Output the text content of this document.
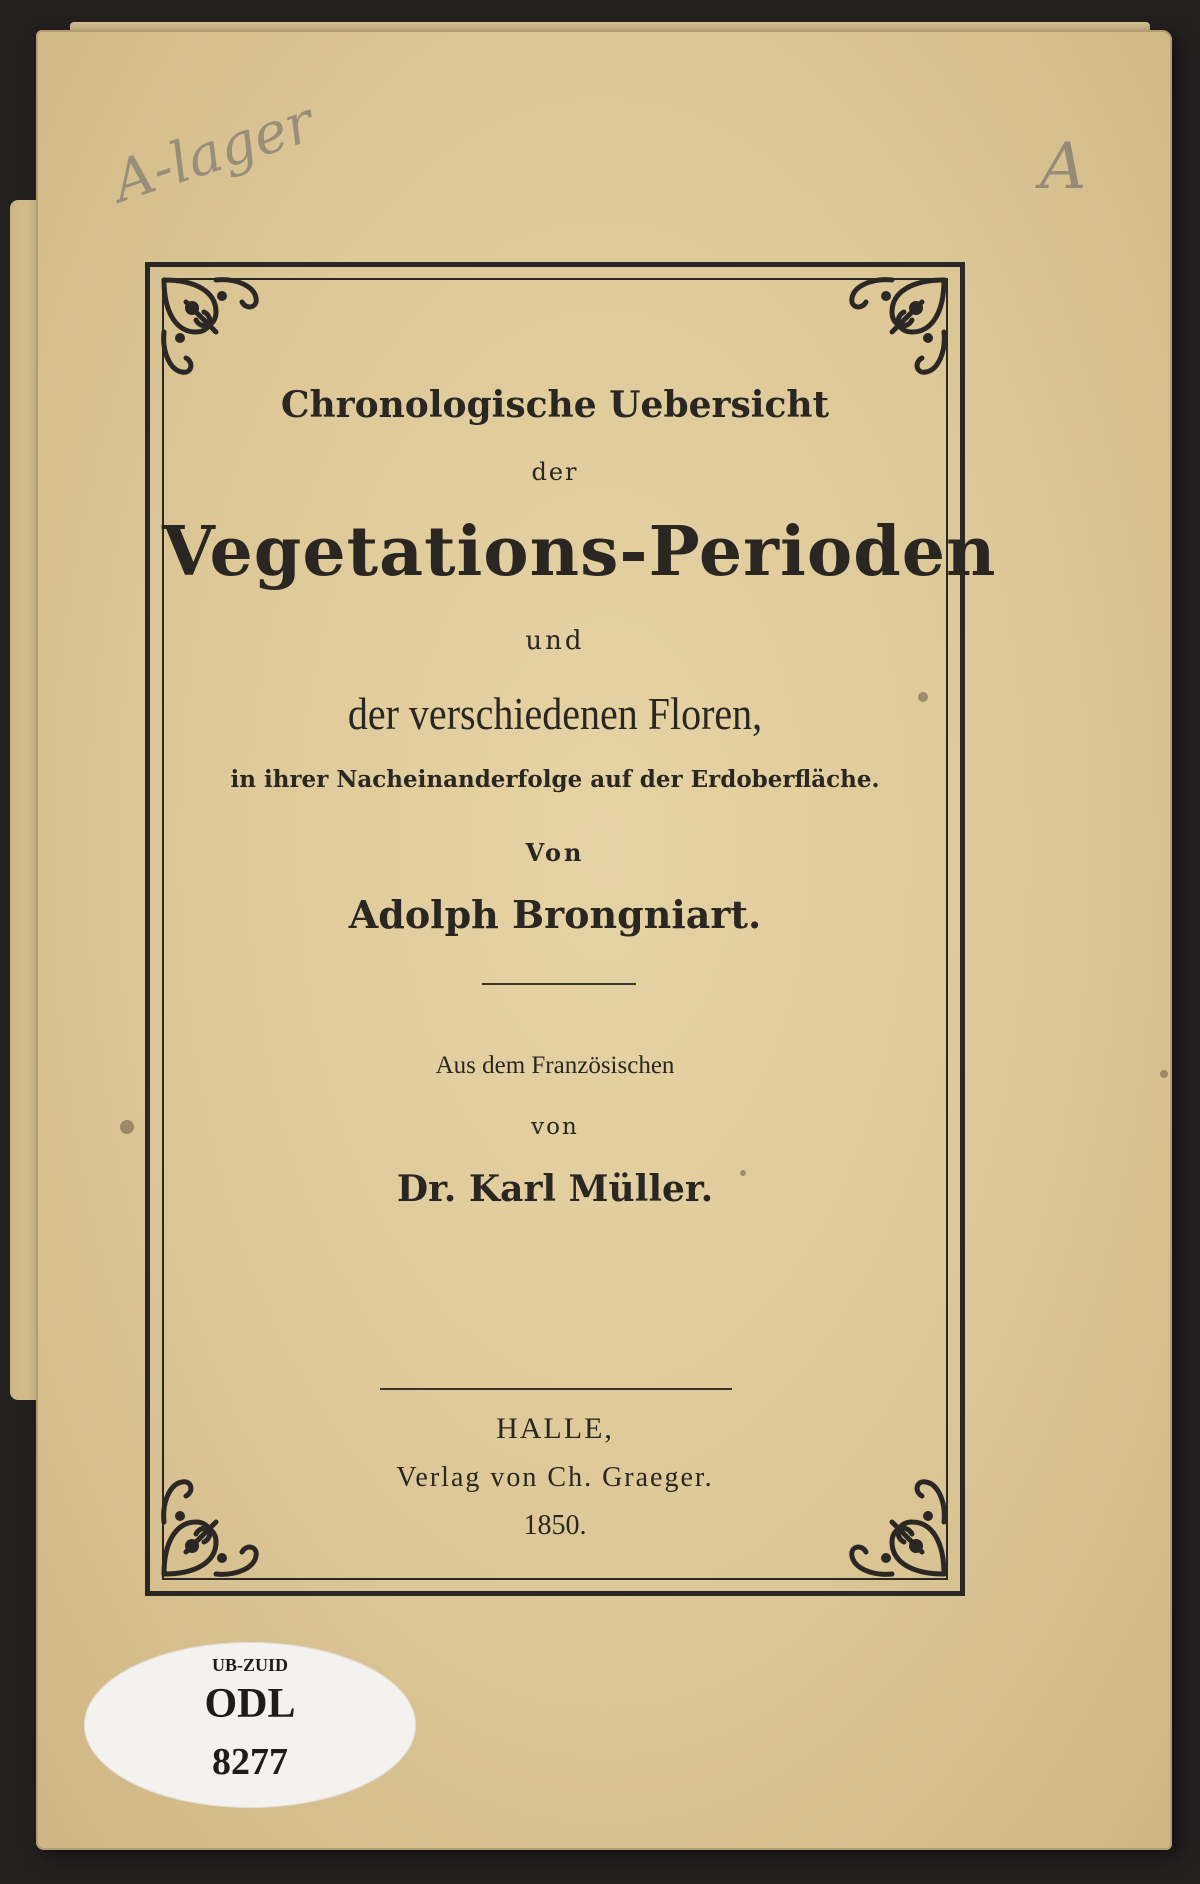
A-lager	A
Chronologische Uebersicht
der
Vegetations-Perioden
und
der verschiedenen Floren,
in ihrer Nacheinanderfolge auf der Erdoberfläche.
Von
Adolph Brongniart.
Aus dem Französischen
von
Dr. Karl Müller.
HALLE,
Verlag von Ch. Graeger.
1850.
UB-ZUID
ODL
8277
